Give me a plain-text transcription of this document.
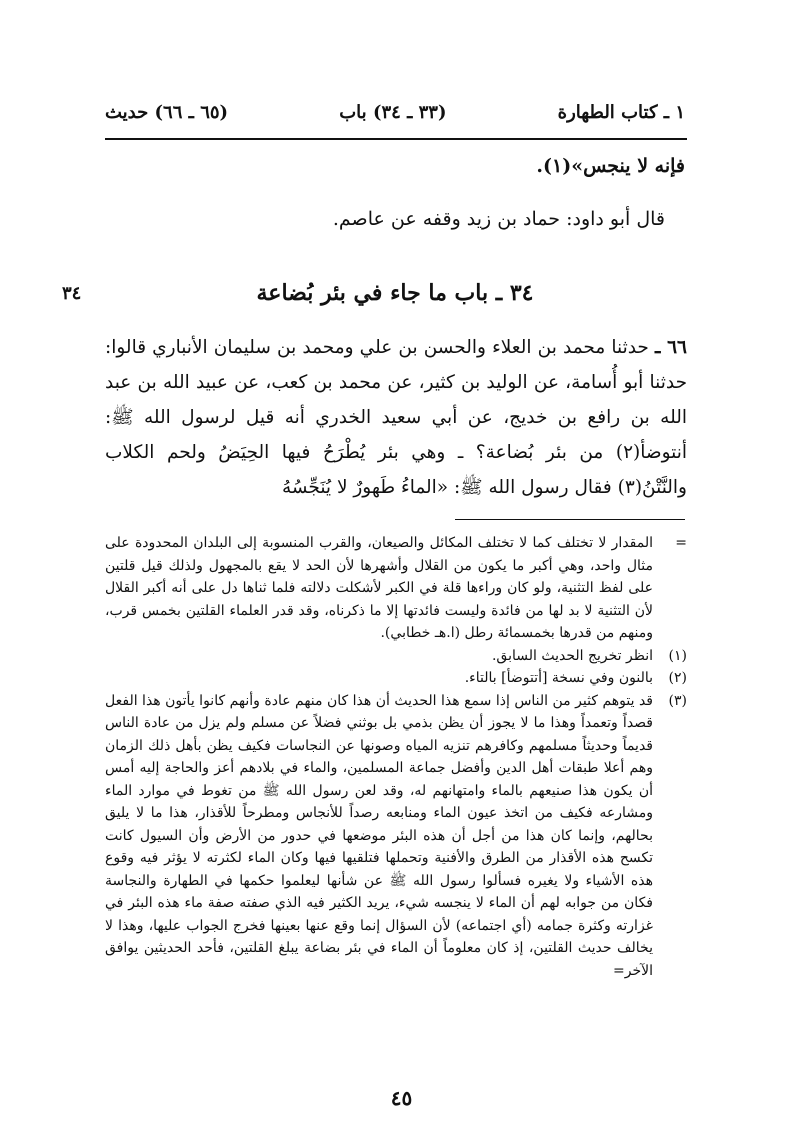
١ ـ كتاب الطهارة
(٣٣ ـ ٣٤) باب
(٦٥ ـ ٦٦) حديث
فإنه لا ينجس»(١).
قال أبو داود: حماد بن زيد وقفه عن عاصم.
٣٤	٣٤ ـ باب ما جاء في بئر بُضاعة
٦٦ ـ حدثنا محمد بن العلاء والحسن بن علي ومحمد بن سليمان الأنباري قالوا: حدثنا أبو أُسامة، عن الوليد بن كثير، عن محمد بن كعب، عن عبيد الله بن عبد الله بن رافع بن خديج، عن أبي سعيد الخدري أنه قيل لرسول الله ﷺ: أنتوضأ(٢) من بئر بُضاعة؟ ـ وهي بئر يُطْرَحُ فيها الحِيَضُ ولحم الكلاب والنَّتْنُ(٣) فقال رسول الله ﷺ: «الماءُ طَهورٌ لا يُنَجِّسُهُ
=
المقدار لا تختلف كما لا تختلف المكائل والصيعان، والقرب المنسوبة إلى البلدان المحدودة على مثال واحد، وهي أكبر ما يكون من القلال وأشهرها لأن الحد لا يقع بالمجهول ولذلك قيل قلتين على لفظ التثنية، ولو كان وراءها قلة في الكبر لأشكلت دلالته فلما ثناها دل على أنه أكبر القلال لأن التثنية لا بد لها من فائدة وليست فائدتها إلا ما ذكرناه، وقد قدر العلماء القلتين بخمس قرب، ومنهم من قدرها بخمسمائة رطل (ا.هـ خطابي).
(١)
انظر تخريج الحديث السابق.
(٢)
بالنون وفي نسخة [أتتوضأ] بالتاء.
(٣)
قد يتوهم كثير من الناس إذا سمع هذا الحديث أن هذا كان منهم عادة وأنهم كانوا يأتون هذا الفعل قصداً وتعمداً وهذا ما لا يجوز أن يظن بذمي بل بوثني فضلاً عن مسلم ولم يزل من عادة الناس قديماً وحديثاً مسلمهم وكافرهم تنزيه المياه وصونها عن النجاسات فكيف يظن بأهل ذلك الزمان وهم أعلا طبقات أهل الدين وأفضل جماعة المسلمين، والماء في بلادهم أعز والحاجة إليه أمس أن يكون هذا صنيعهم بالماء وامتهانهم له، وقد لعن رسول الله ﷺ من تغوط في موارد الماء ومشارعه فكيف من اتخذ عيون الماء ومنابعه رصداً للأنجاس ومطرحاً للأقذار، هذا ما لا يليق بحالهم، وإنما كان هذا من أجل أن هذه البئر موضعها في حدور من الأرض وأن السيول كانت تكسح هذه الأقذار من الطرق والأفنية وتحملها فتلقيها فيها وكان الماء لكثرته لا يؤثر فيه وقوع هذه الأشياء ولا يغيره فسألوا رسول الله ﷺ عن شأنها ليعلموا حكمها في الطهارة والنجاسة فكان من جوابه لهم أن الماء لا ينجسه شيء، يريد الكثير فيه الذي صفته صفة ماء هذه البئر في غزارته وكثرة جمامه (أي اجتماعه) لأن السؤال إنما وقع عنها بعينها فخرج الجواب عليها، وهذا لا يخالف حديث القلتين، إذ كان معلوماً أن الماء في بئر بضاعة يبلغ القلتين، فأحد الحديثين يوافق الآخر=
٤٥
